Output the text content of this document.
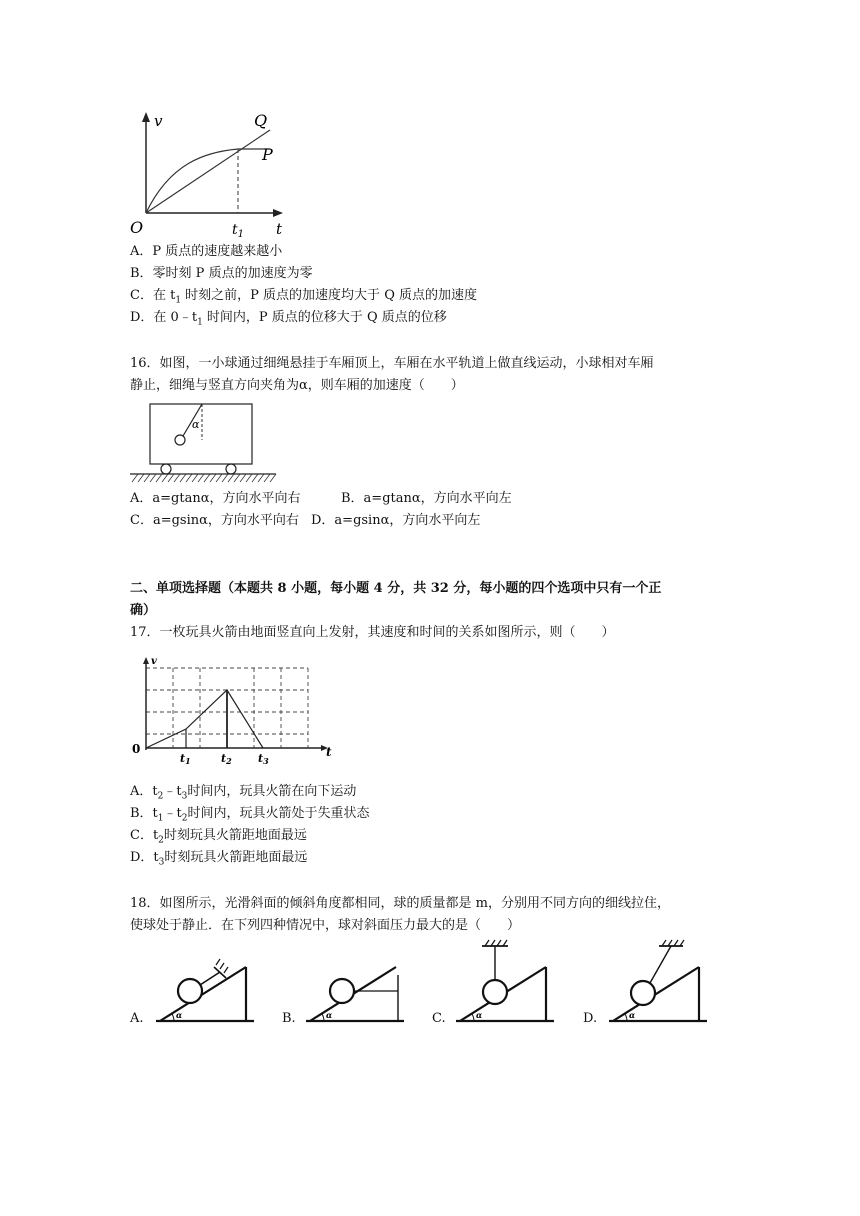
v	Q
P
O	$t_1$ t
A．P 质点的速度越来越小
B．零时刻 P 质点的加速度为零
C．在 $t_1$ 时刻之前，P 质点的加速度均大于 Q 质点的加速度
D．在 $0﹣t_1$ 时间内，P 质点的位移大于 Q 质点的位移
16．如图，一小球通过细绳悬挂于车厢顶上，车厢在水平轨道上做直线运动，小球相对车厢
静止，细绳与竖直方向夹角为α，则车厢的加速度（　　）
α
A．a=gtanα，方向水平向右	B．a=gtanα，方向水平向左
C．a=gsinα，方向水平向右 D．a=gsinα，方向水平向左
二、单项选择题（本题共 8 小题，每小题 4 分，共 32 分，每小题的四个选项中只有一个正
确）
17．一枚玩具火箭由地面竖直向上发射，其速度和时间的关系如图所示，则（　　）
v
0	t
t1	t2 t3
A．$t_2﹣t_3$时间内，玩具火箭在向下运动
B．$t_1﹣t_2$时间内，玩具火箭处于失重状态
C．$t_2$时刻玩具火箭距地面最远
D．$t_3$时刻玩具火箭距地面最远
18．如图所示，光滑斜面的倾斜角度都相同，球的质量都是 m，分别用不同方向的细线拉住，
使球处于静止．在下列四种情况中，球对斜面压力最大的是（　　）
A.	α	B.	α	C.	α	D.	α
